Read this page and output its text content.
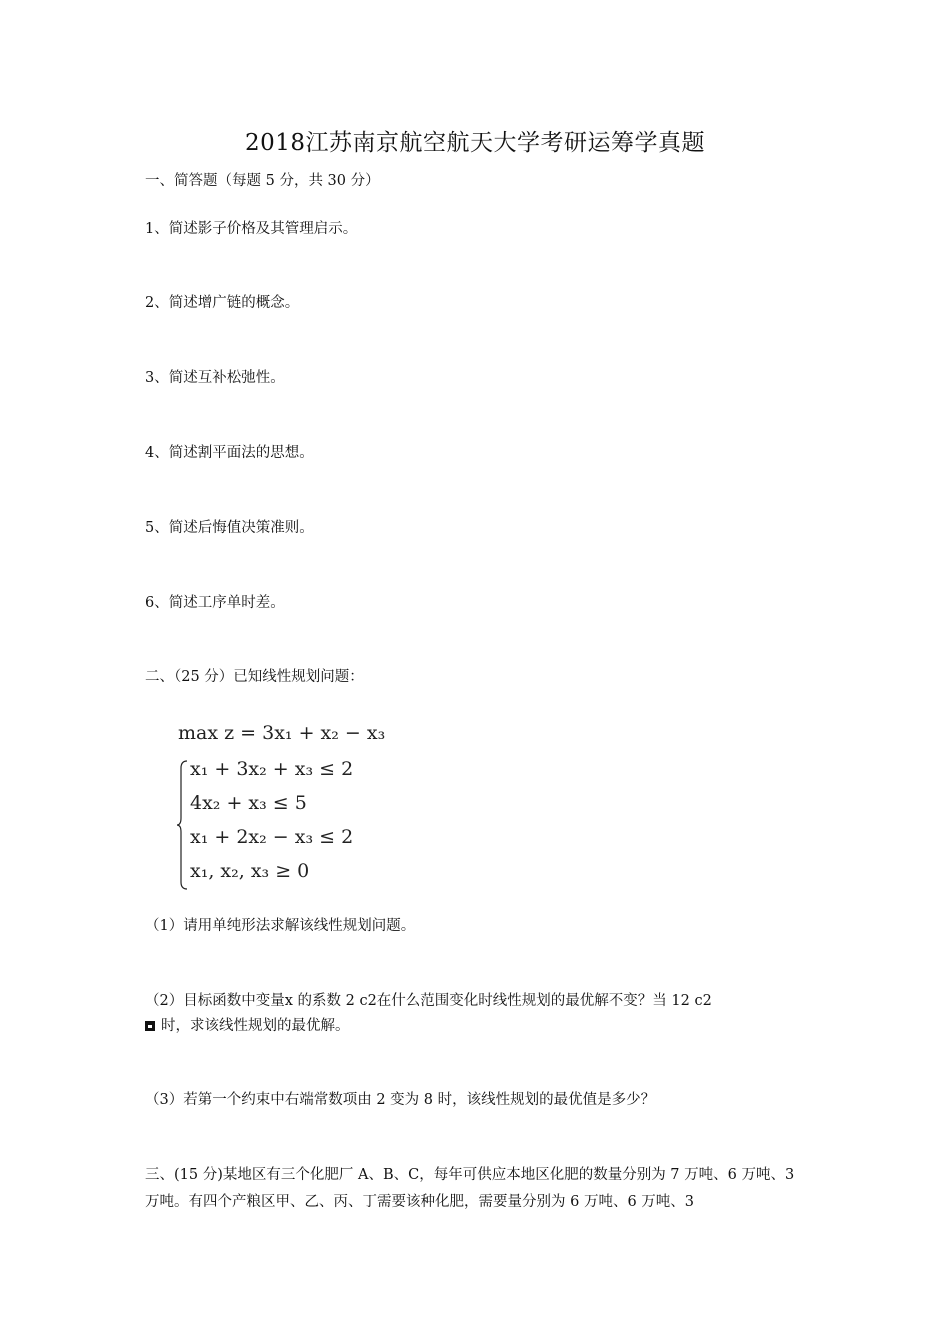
2018江苏南京航空航天大学考研运筹学真题
一、简答题（每题 5 分，共 30 分）
1、简述影子价格及其管理启示。
2、简述增广链的概念。
3、简述互补松弛性。
4、简述割平面法的思想。
5、简述后悔值决策准则。
6、简述工序单时差。
二、（25 分）已知线性规划问题：
max z = 3x₁ + x₂ − x₃
x₁ + 3x₂ + x₃ ≤ 2
4x₂ + x₃ ≤ 5
x₁ + 2x₂ − x₃ ≤ 2
x₁, x₂, x₃ ≥ 0
（1）请用单纯形法求解该线性规划问题。
（2）目标函数中变量x 的系数 2 c2在什么范围变化时线性规划的最优解不变？当 12 c2
时，求该线性规划的最优解。
（3）若第一个约束中右端常数项由 2 变为 8 时，该线性规划的最优值是多少？
三、(15 分)某地区有三个化肥厂 A、B、C，每年可供应本地区化肥的数量分别为 7 万吨、6 万吨、3 万吨。有四个产粮区甲、乙、丙、丁需要该种化肥，需要量分别为 6 万吨、6 万吨、3
